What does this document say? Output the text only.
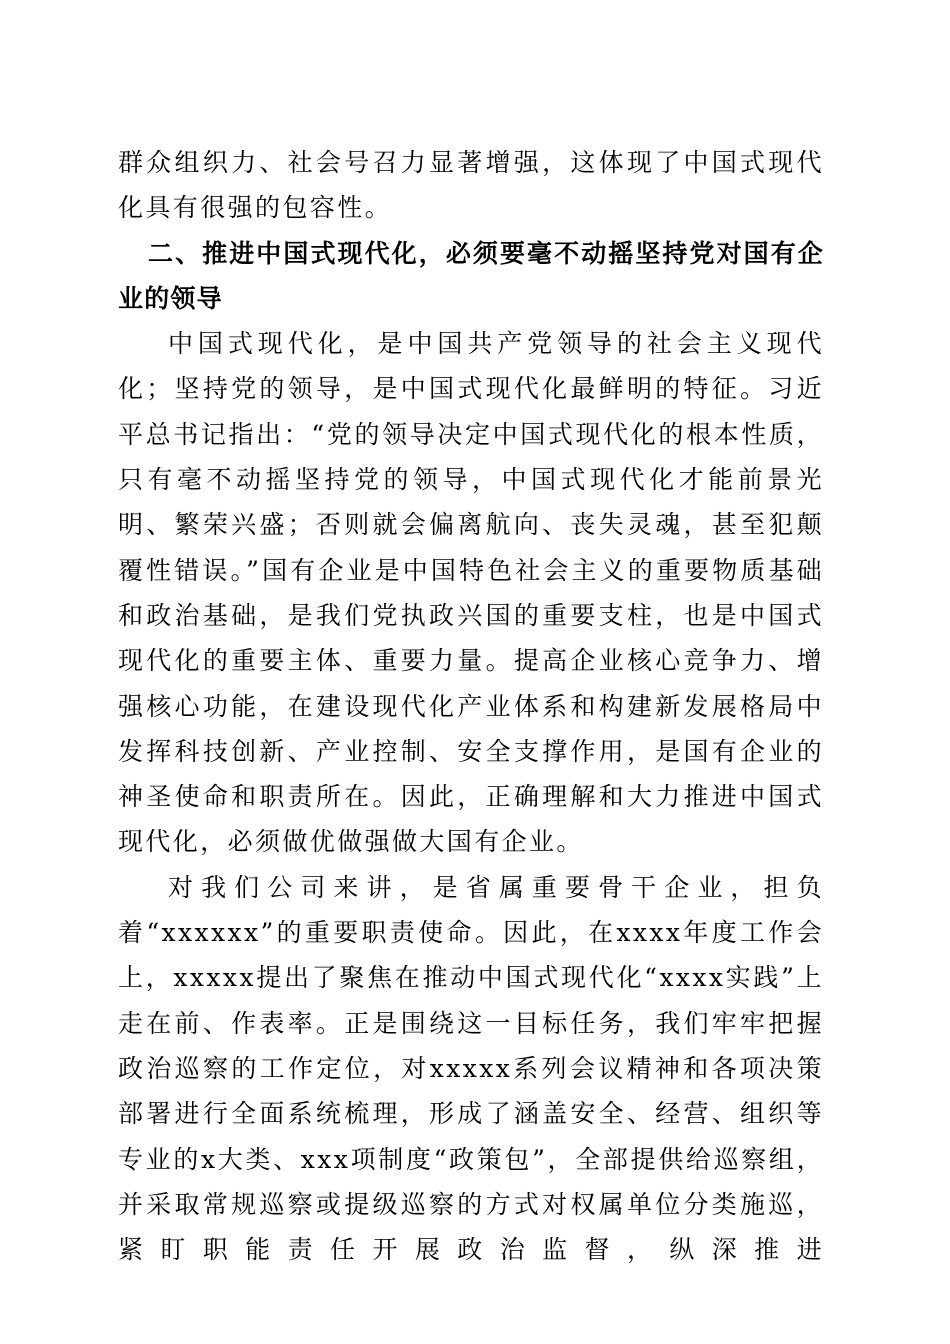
群众组织力、社会号召力显著增强，这体现了中国式现代化具有很强的包容性。

二、推进中国式现代化，必须要毫不动摇坚持党对国有企业的领导

中国式现代化，是中国共产党领导的社会主义现代化；坚持党的领导，是中国式现代化最鲜明的特征。习近平总书记指出：“党的领导决定中国式现代化的根本性质，只有毫不动摇坚持党的领导，中国式现代化才能前景光明、繁荣兴盛；否则就会偏离航向、丧失灵魂，甚至犯颠覆性错误。”国有企业是中国特色社会主义的重要物质基础和政治基础，是我们党执政兴国的重要支柱，也是中国式现代化的重要主体、重要力量。提高企业核心竞争力、增强核心功能，在建设现代化产业体系和构建新发展格局中发挥科技创新、产业控制、安全支撑作用，是国有企业的神圣使命和职责所在。因此，正确理解和大力推进中国式现代化，必须做优做强做大国有企业。

对我们公司来讲，是省属重要骨干企业，担负着“xxxxxx”的重要职责使命。因此，在xxxx年度工作会上，xxxxx提出了聚焦在推动中国式现代化“xxxx实践”上走在前、作表率。正是围绕这一目标任务，我们牢牢把握政治巡察的工作定位，对xxxxx系列会议精神和各项决策部署进行全面系统梳理，形成了涵盖安全、经营、组织等专业的x大类、xxx项制度“政策包”，全部提供给巡察组，并采取常规巡察或提级巡察的方式对权属单位分类施巡，紧盯职能责任开展政治监督，纵深推进
